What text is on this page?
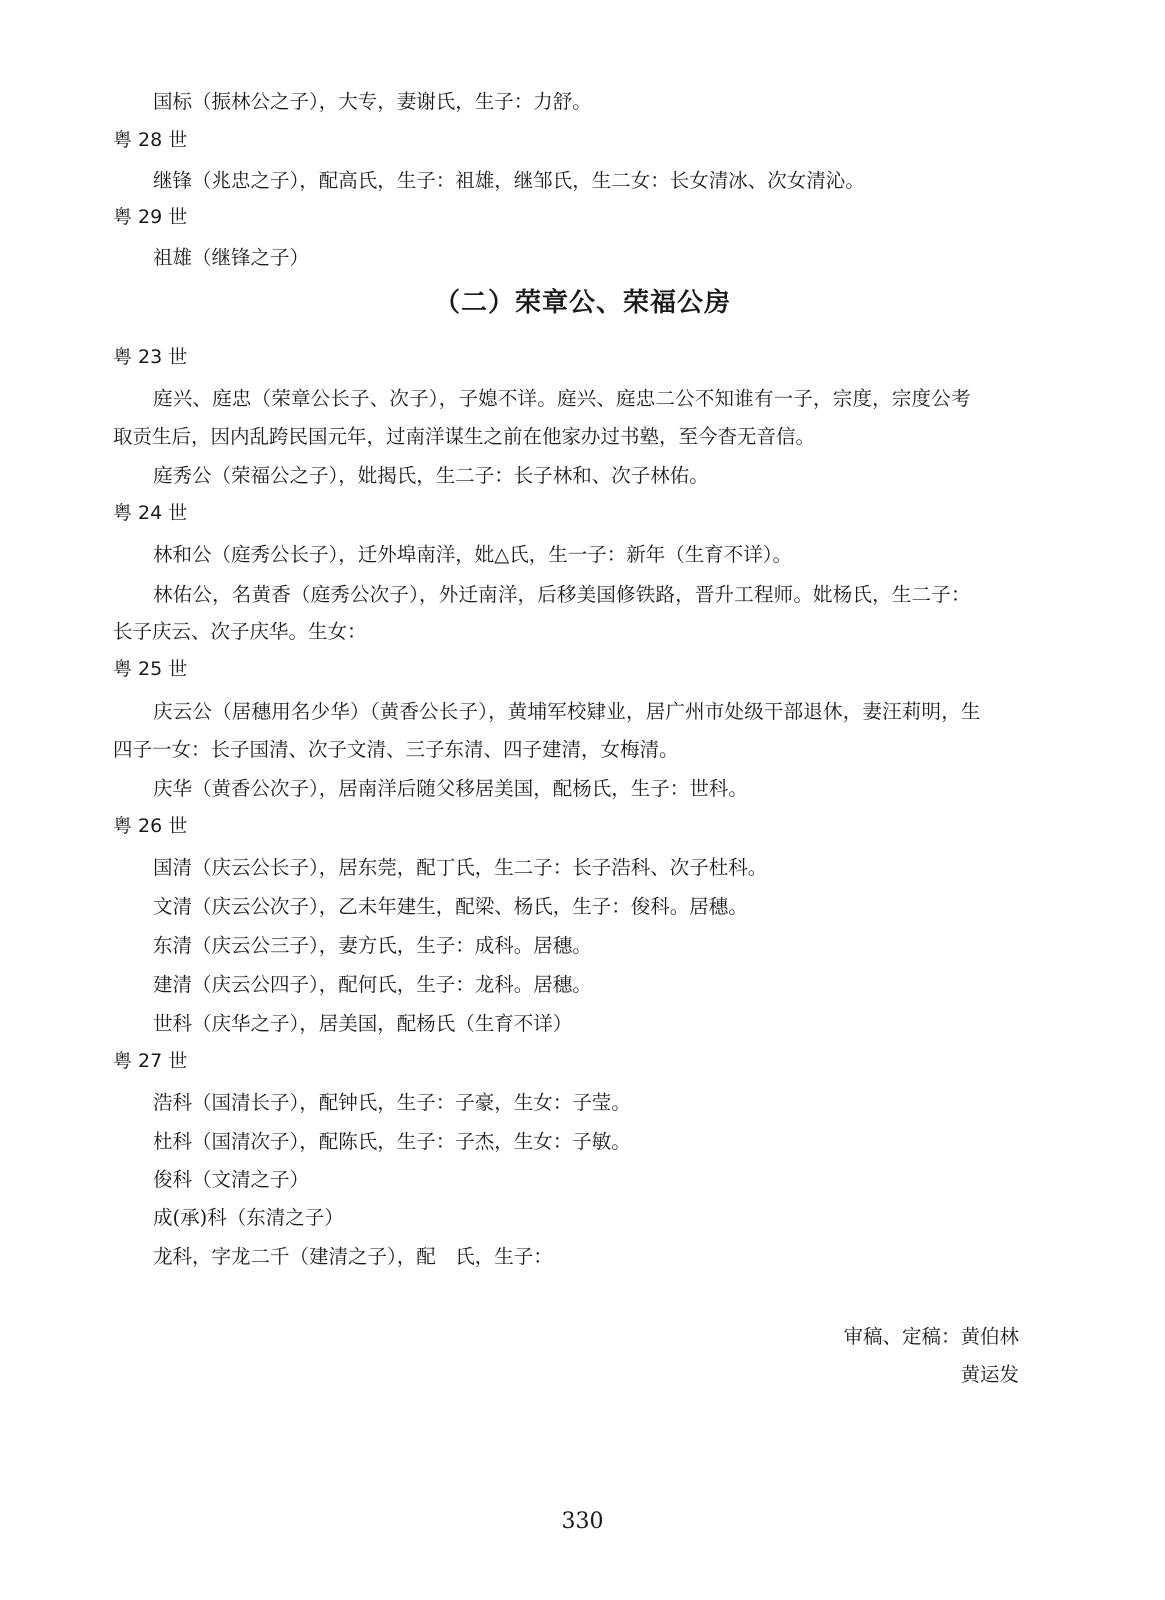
国标（振林公之子），大专，妻谢氏，生子：力舒。
粤 28 世
继锋（兆忠之子），配高氏，生子：祖雄，继邹氏，生二女：长女清冰、次女清沁。
粤 29 世
祖雄（继锋之子）
（二）荣章公、荣福公房
粤 23 世
庭兴、庭忠（荣章公长子、次子），子媳不详。庭兴、庭忠二公不知谁有一子，宗度，宗度公考
取贡生后，因内乱跨民国元年，过南洋谋生之前在他家办过书塾，至今杳无音信。
庭秀公（荣福公之子），妣揭氏，生二子：长子林和、次子林佑。
粤 24 世
林和公（庭秀公长子），迁外埠南洋，妣△氏，生一子：新年（生育不详）。
林佑公，名黄香（庭秀公次子），外迁南洋，后移美国修铁路，晋升工程师。妣杨氏，生二子：
长子庆云、次子庆华。生女：
粤 25 世
庆云公（居穗用名少华）（黄香公长子），黄埔军校肄业，居广州市处级干部退休，妻汪莉明，生
四子一女：长子国清、次子文清、三子东清、四子建清，女梅清。
庆华（黄香公次子），居南洋后随父移居美国，配杨氏，生子：世科。
粤 26 世
国清（庆云公长子），居东莞，配丁氏，生二子：长子浩科、次子杜科。
文清（庆云公次子），乙未年建生，配梁、杨氏，生子：俊科。居穗。
东清（庆云公三子），妻方氏，生子：成科。居穗。
建清（庆云公四子），配何氏，生子：龙科。居穗。
世科（庆华之子），居美国，配杨氏（生育不详）
粤 27 世
浩科（国清长子），配钟氏，生子：子豪，生女：子莹。
杜科（国清次子），配陈氏，生子：子杰，生女：子敏。
俊科（文清之子）
成(承)科（东清之子）
龙科，字龙二千（建清之子），配　氏，生子：
审稿、定稿：黄伯林
黄运发
330
